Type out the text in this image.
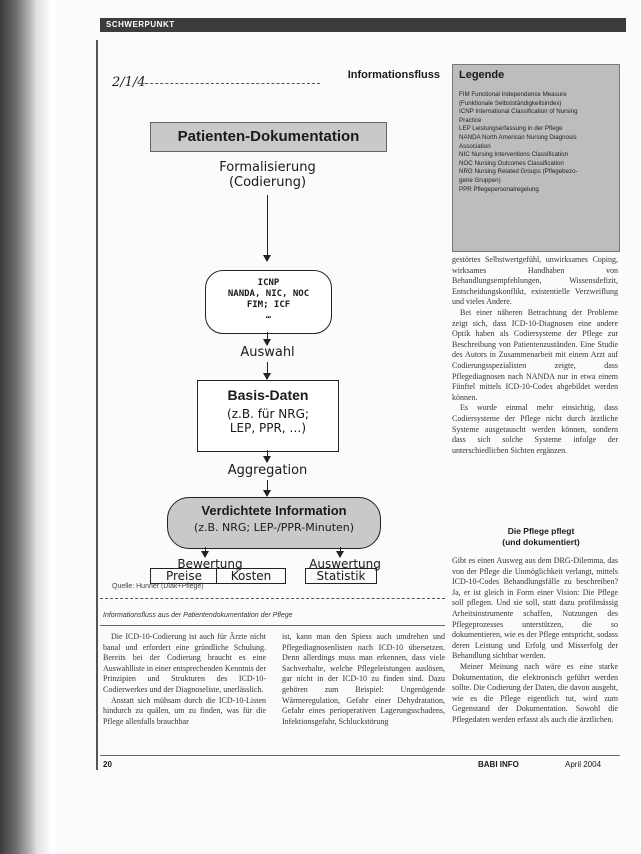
SCHWERPUNKT
2/1/4	Informationsfluss
Patienten-Dokumentation
Formalisierung
(Codierung)
ICNP
NANDA, NIC, NOC
FIM; ICF
…
Auswahl
Basis-Daten
(z.B. für NRG;
LEP, PPR, …)
Aggregation
Verdichtete Information
(z.B. NRG; LEP-/PPR-Minuten)
Bewertung	Auswertung
Preise	Kosten	Statistik
Quelle: Hunner (Diak+Pflege)
Legende
FIM Functional Independence Measure
(Funktionale Selbstständigkeitsindex)
ICNP International Classification of Nursing
Practice
LEP Leistungserfassung in der Pflege
NANDA North American Nursing Diagnosis
Association
NIC Nursing Interventions Classification
NOC Nursing Outcomes Classification
NRG Nursing Related Groups (Pflegebezo-
gene Gruppen)
PPR Pflegepersonalregelung

gestörtes Selbstwertgefühl, unwirksames Coping, wirksames Handhaben von Behandlungsempfehlungen, Wissensdefizit, Entscheidungskonflikt, existentielle Verzweiflung und vieles Andere.

Bei einer näheren Betrachtung der Probleme zeigt sich, dass ICD-10-Diagnosen eine andere Optik haben als Codiersysteme der Pflege zur Beschreibung von Patientenzuständen. Eine Studie des Autors in Zusammenarbeit mit einem Arzt auf Codierungsspezialisten zeigte, dass Pflegediagnosen nach NANDA nur in etwa einem Fünftel mittels ICD-10-Codes abgebildet werden können.

Es wurde einmal mehr einsichtig, dass Codiersysteme der Pflege nicht durch ärztliche Systeme ausgetauscht werden können, sondern dass sich solche Systeme infolge der unterschiedlichen Sichten ergänzen.

Die Pflege pflegt
(und dokumentiert)

Gibt es einen Ausweg aus dem DRG-Dilemma, das von der Pflege die Unmöglichkeit verlangt, mittels ICD-10-Codes Behandlungsfälle zu beschreiben? Ja, er ist gleich in Form einer Vision: Die Pflege soll pflegen. Und sie soll, statt dazu profilmässig Arbeitsinstrumente schaffen, Nutzungen des Pflegeprozesses unterstützen, die so dokumentieren, wie es der Pflege entspricht, sodass deren Leistung und Erfolg und Misserfolg der Behandlung sichtbar werden.

Meiner Meinung nach wäre es eine starke Dokumentation, die elektronisch geführt werden sollte. Die Codierung der Daten, die davon ausgeht, wie es die Pflege eigentlich tut, wird zum Gegenstand der Dokumentation. Sowohl die Pflegedaten werden erfasst als auch die ärztlichen.

Informationsfluss aus der Patientendokumentation der Pflege

Die ICD-10-Codierung ist auch für Ärzte nicht banal und erfordert eine gründliche Schulung. Bereits bei der Codierung braucht es eine Auswahlliste in einer entsprechenden Kenntnis der Prinzipien und Strukturen des ICD-10-Codierwerkes und der Diagnoseliste, unerlässlich.

Anstatt sich mühsam durch die ICD-10-Listen hindurch zu quälen, um zu finden, was für die Pflege allenfalls brauchbar

ist, kann man den Spiess auch umdrehen und Pflegediagnosenlisten nach ICD-10 übersetzen. Denn allerdings muss man erkennen, dass viele Sachverhalte, welche Pflegeleistungen auslösen, gar nicht in der ICD-10 zu finden sind. Dazu gehören zum Beispiel: Ungenügende Wärmeregulation, Gefahr einer Dehydratation, Gefahr eines perioperativen Lagerungsschadens, Infektionsgefahr, Schluckstörung

20	BABI INFO	April 2004
